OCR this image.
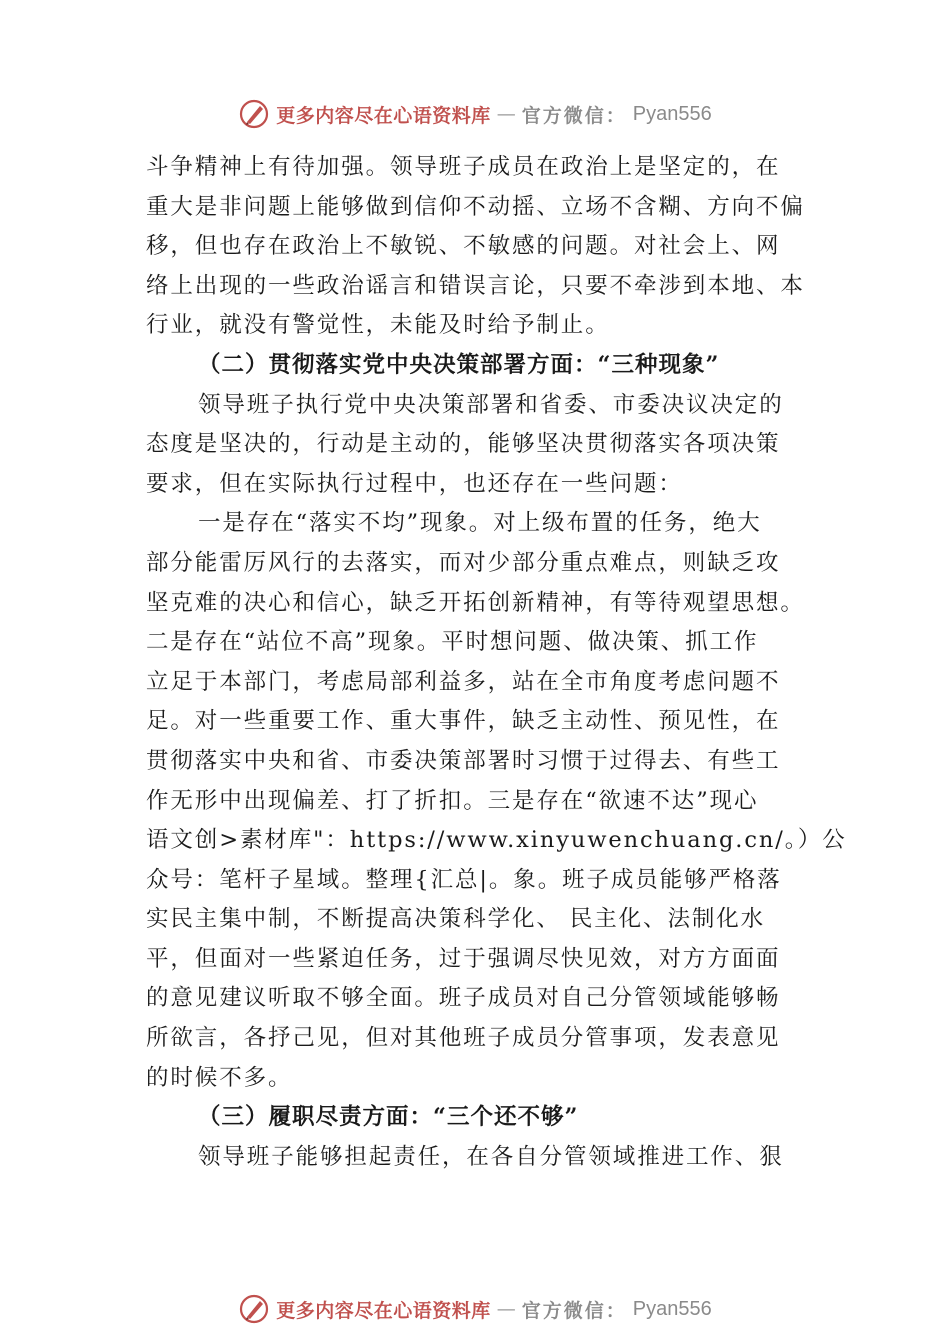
更多内容尽在心语资料库 — 官方微信： Pyan556
斗争精神上有待加强。领导班子成员在政治上是坚定的，在
重大是非问题上能够做到信仰不动摇、立场不含糊、方向不偏
移，但也存在政治上不敏锐、不敏感的问题。对社会上、网
络上出现的一些政治谣言和错误言论，只要不牵涉到本地、本
行业，就没有警觉性，未能及时给予制止。
（二）贯彻落实党中央决策部署方面：“三种现象”
领导班子执行党中央决策部署和省委、市委决议决定的
态度是坚决的，行动是主动的，能够坚决贯彻落实各项决策
要求，但在实际执行过程中，也还存在一些问题：
一是存在“落实不均”现象。对上级布置的任务，绝大
部分能雷厉风行的去落实，而对少部分重点难点，则缺乏攻
坚克难的决心和信心，缺乏开拓创新精神，有等待观望思想。
二是存在“站位不高”现象。平时想问题、做决策、抓工作
立足于本部门，考虑局部利益多，站在全市角度考虑问题不
足。对一些重要工作、重大事件，缺乏主动性、预见性，在
贯彻落实中央和省、市委决策部署时习惯于过得去、有些工
作无形中出现偏差、打了折扣。三是存在“欲速不达”现心
语文创>素材库"：https://www.xinyuwenchuang.cn/。）公
众号：笔杆子星域。整理{汇总|。象。班子成员能够严格落
实民主集中制，不断提高决策科学化、 民主化、法制化水
平，但面对一些紧迫任务，过于强调尽快见效，对方方面面
的意见建议听取不够全面。班子成员对自己分管领域能够畅
所欲言，各抒己见，但对其他班子成员分管事项，发表意见
的时候不多。
（三）履职尽责方面：“三个还不够”
领导班子能够担起责任，在各自分管领域推进工作、狠
更多内容尽在心语资料库 — 官方微信： Pyan556
